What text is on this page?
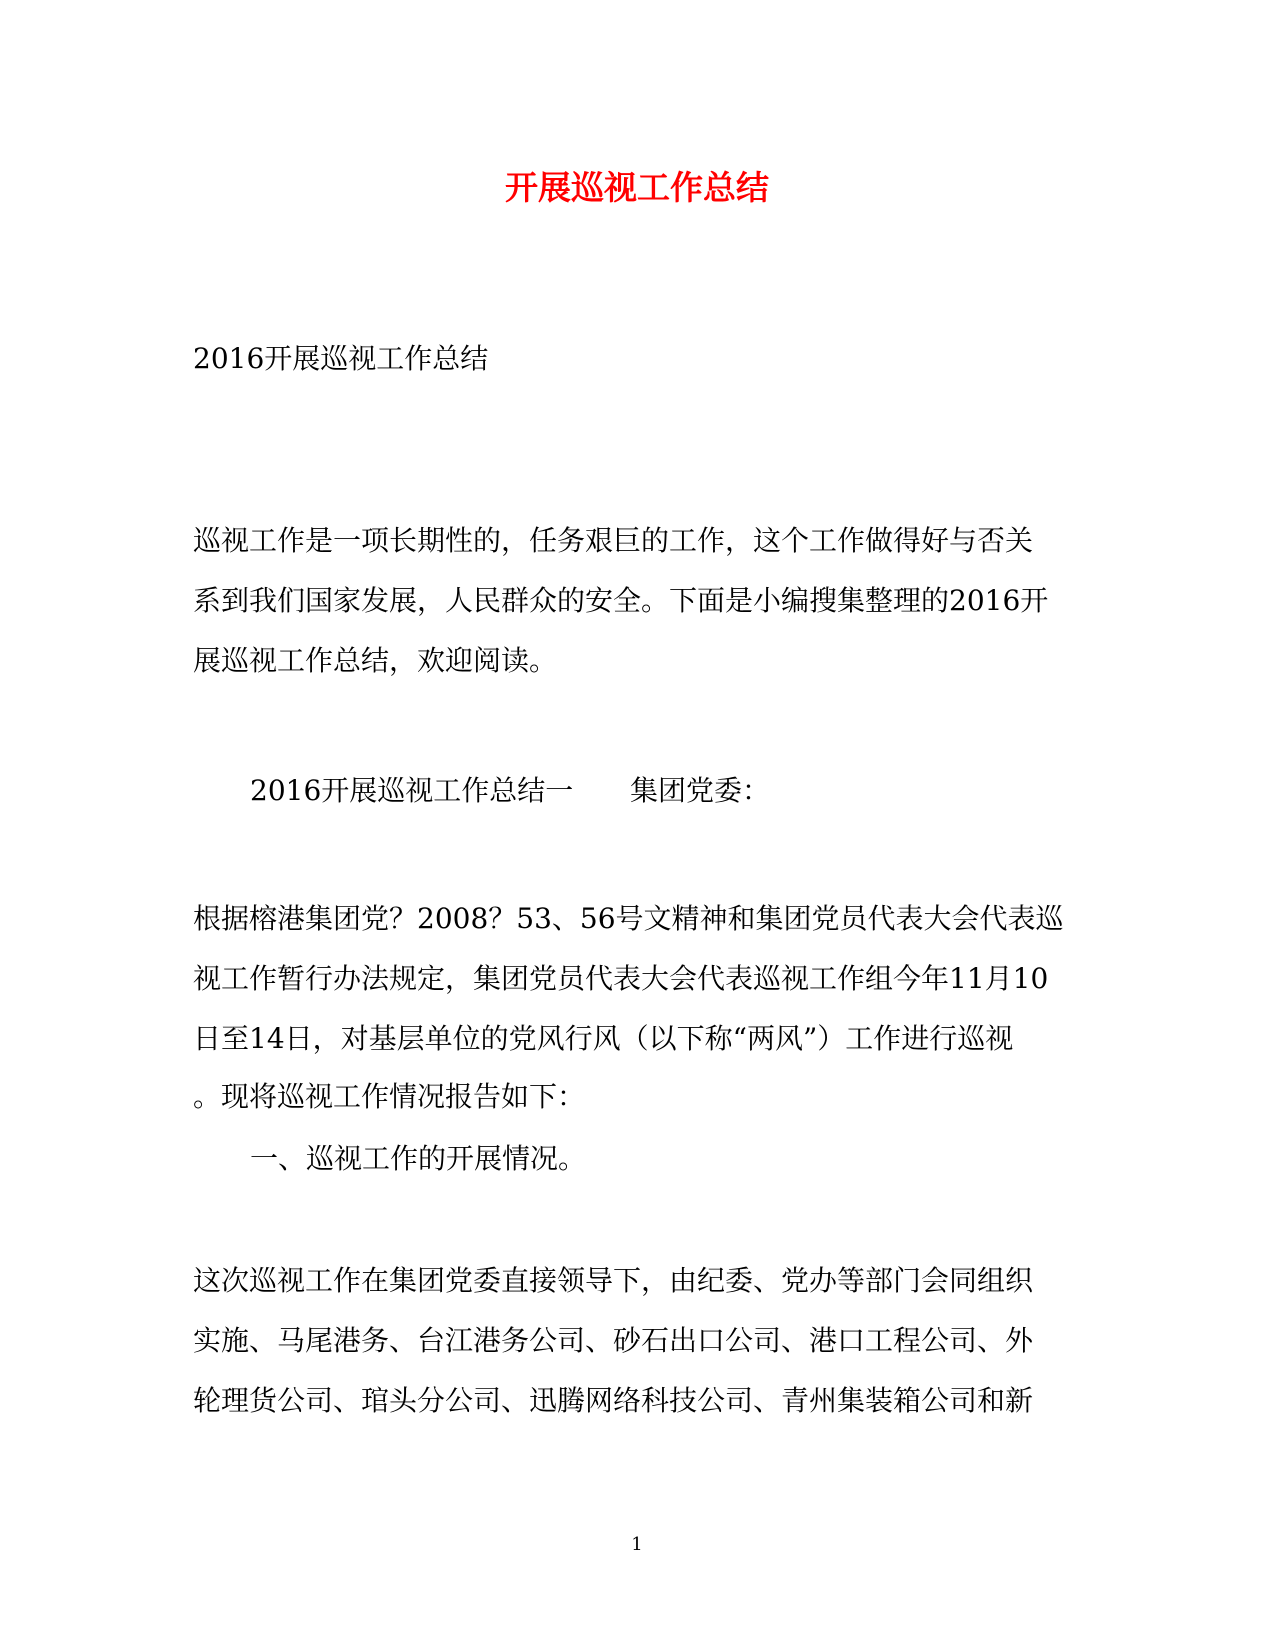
开展巡视工作总结
2016开展巡视工作总结
巡视工作是一项长期性的，任务艰巨的工作，这个工作做得好与否关
系到我们国家发展，人民群众的安全。下面是小编搜集整理的2016开
展巡视工作总结，欢迎阅读。
2016开展巡视工作总结一 集团党委：
根据榕港集团党？2008？53、56号文精神和集团党员代表大会代表巡
视工作暂行办法规定，集团党员代表大会代表巡视工作组今年11月10
日至14日，对基层单位的党风行风（以下称“两风”）工作进行巡视
。现将巡视工作情况报告如下：
一、巡视工作的开展情况。
这次巡视工作在集团党委直接领导下，由纪委、党办等部门会同组织
实施、马尾港务、台江港务公司、砂石出口公司、港口工程公司、外
轮理货公司、琯头分公司、迅腾网络科技公司、青州集装箱公司和新
1
